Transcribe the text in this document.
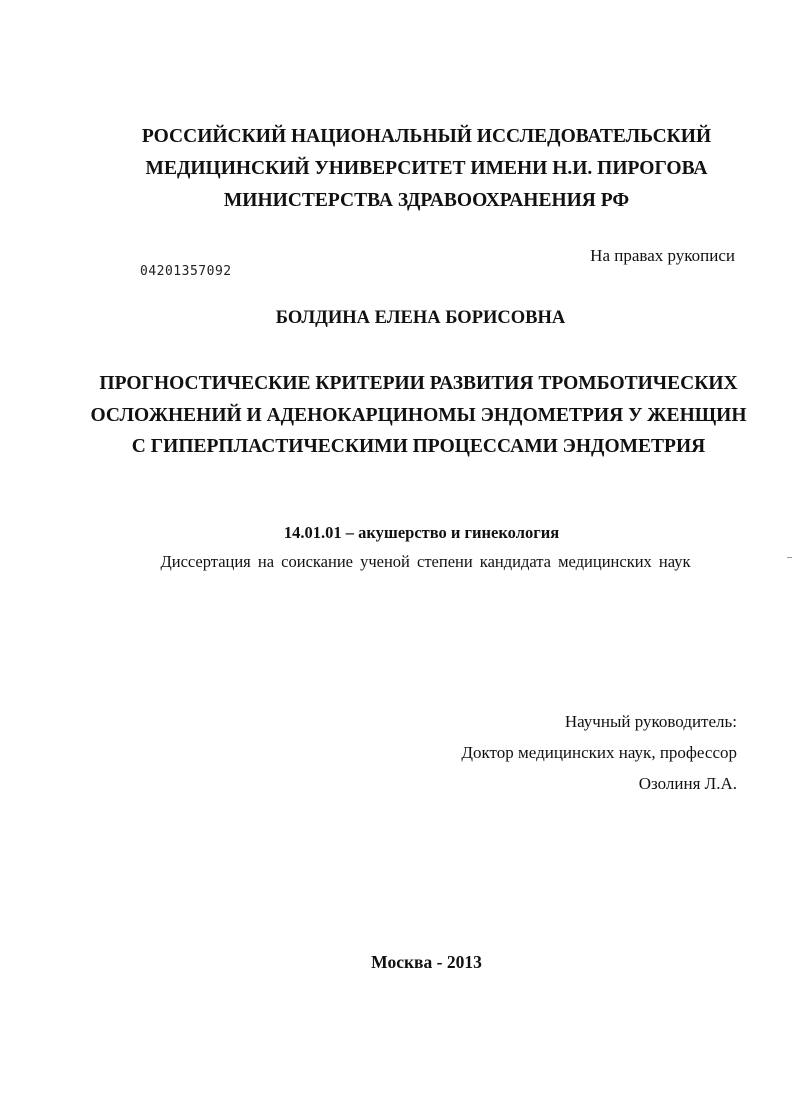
РОССИЙСКИЙ НАЦИОНАЛЬНЫЙ ИССЛЕДОВАТЕЛЬСКИЙ
МЕДИЦИНСКИЙ УНИВЕРСИТЕТ ИМЕНИ Н.И. ПИРОГОВА
МИНИСТЕРСТВА ЗДРАВООХРАНЕНИЯ РФ
На правах рукописи
04201357092
БОЛДИНА ЕЛЕНА БОРИСОВНА
ПРОГНОСТИЧЕСКИЕ КРИТЕРИИ РАЗВИТИЯ ТРОМБОТИЧЕСКИХ
ОСЛОЖНЕНИЙ И АДЕНОКАРЦИНОМЫ ЭНДОМЕТРИЯ У ЖЕНЩИН
С ГИПЕРПЛАСТИЧЕСКИМИ ПРОЦЕССАМИ ЭНДОМЕТРИЯ
14.01.01 – акушерство и гинекология
Диссертация на соискание ученой степени кандидата медицинских наук
Научный руководитель:
Доктор медицинских наук, профессор
Озолиня Л.А.
Москва - 2013
